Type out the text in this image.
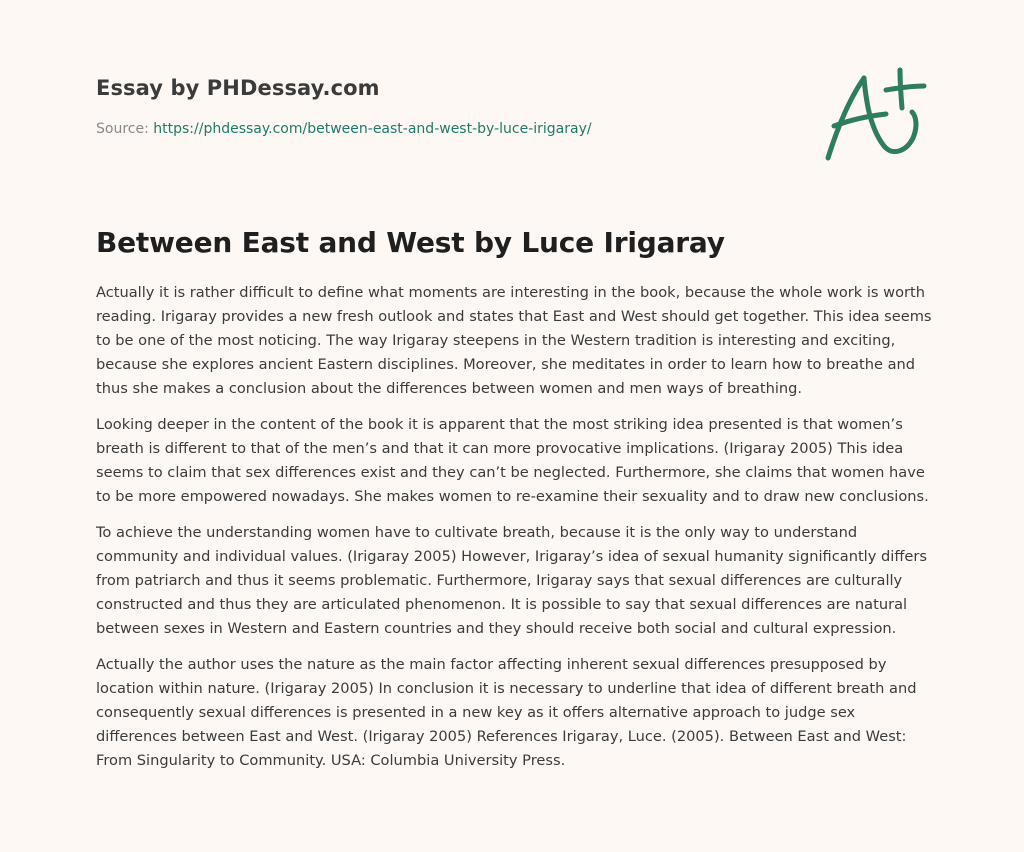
Essay by PHDessay.com
Source: https://phdessay.com/between-east-and-west-by-luce-irigaray/
Between East and West by Luce Irigaray

Actually it is rather difficult to define what moments are interesting in the book, because the whole work is worth reading. Irigaray provides a new fresh outlook and states that East and West should get together. This idea seems to be one of the most noticing. The way Irigaray steepens in the Western tradition is interesting and exciting, because she explores ancient Eastern disciplines. Moreover, she meditates in order to learn how to breathe and thus she makes a conclusion about the differences between women and men ways of breathing.

Looking deeper in the content of the book it is apparent that the most striking idea presented is that women’s breath is different to that of the men’s and that it can more provocative implications. (Irigaray 2005) This idea seems to claim that sex differences exist and they can’t be neglected. Furthermore, she claims that women have to be more empowered nowadays. She makes women to re-examine their sexuality and to draw new conclusions.

To achieve the understanding women have to cultivate breath, because it is the only way to understand community and individual values. (Irigaray 2005) However, Irigaray’s idea of sexual humanity significantly differs from patriarch and thus it seems problematic. Furthermore, Irigaray says that sexual differences are culturally constructed and thus they are articulated phenomenon. It is possible to say that sexual differences are natural between sexes in Western and Eastern countries and they should receive both social and cultural expression.

Actually the author uses the nature as the main factor affecting inherent sexual differences presupposed by location within nature. (Irigaray 2005) In conclusion it is necessary to underline that idea of different breath and consequently sexual differences is presented in a new key as it offers alternative approach to judge sex differences between East and West. (Irigaray 2005) References Irigaray, Luce. (2005). Between East and West: From Singularity to Community. USA: Columbia University Press.
